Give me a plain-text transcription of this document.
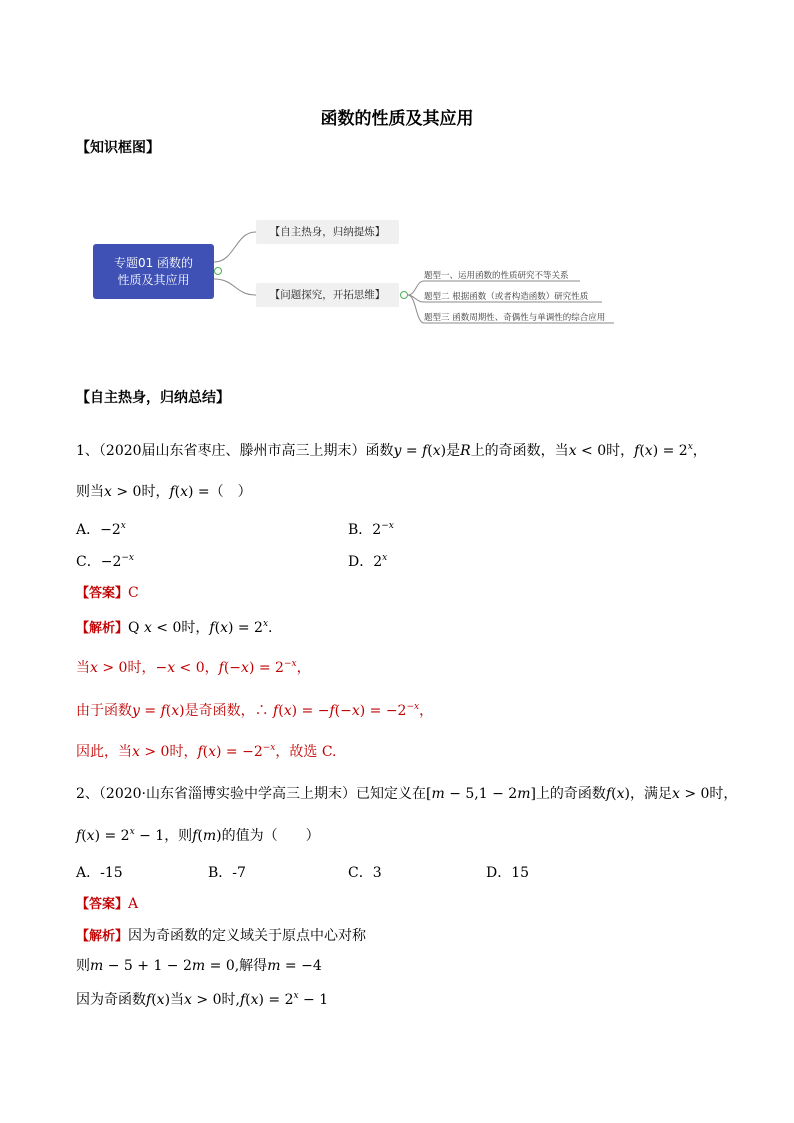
函数的性质及其应用
【知识框图】
专题01 函数的
性质及其应用
【自主热身，归纳提炼】
【问题探究，开拓思维】
题型一、运用函数的性质研究不等关系
题型二 根据函数（或者构造函数）研究性质
题型三 函数周期性、奇偶性与单调性的综合应用
【自主热身，归纳总结】
1、（2020届山东省枣庄、滕州市高三上期末）函数y = f(x)是R上的奇函数，当x < 0时，$f(x) = 2^x$，
则当x > 0时，f(x) =（　）
A．$-2^x$	B．$2^{-x}$
C．$-2^{-x}$	D．2$^x$
【答案】C
【解析】Q x < 0时，$f(x) = 2^x$.
当x > 0时，−x < 0，$f(-x) = 2^{-x}$，
由于函数y = f(x)是奇函数，∴ $f(x) = -f(-x) = -2^{-x}$，
因此，当x > 0时，$f(x) = -2^{-x}$，故选 C.
2、（2020·山东省淄博实验中学高三上期末）已知定义在[m − 5,1 − 2m]上的奇函数f(x)，满足x > 0时，
$f(x) = 2^x - 1$，则f(m)的值为（　　）
A．-15	B．-7	C．3	D．15
【答案】A
【解析】因为奇函数的定义域关于原点中心对称
则m − 5 + 1 − 2m = 0,解得m = −4
因为奇函数f(x)当x > 0时$,f(x) = 2^x - 1$
